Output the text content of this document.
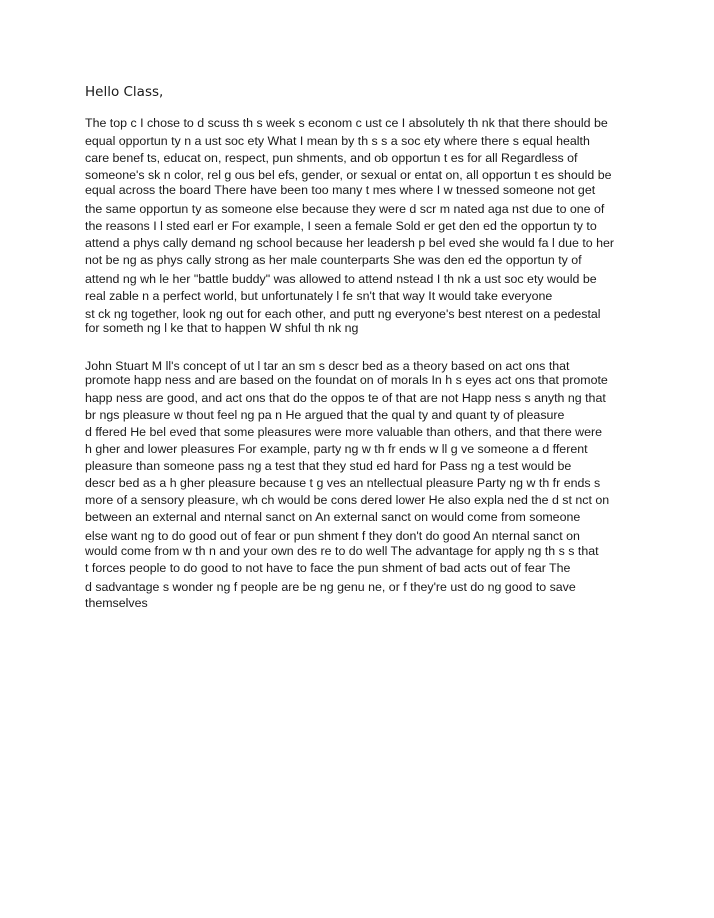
Hello Class,
The top c I chose to d scuss th s week s econom c ust ce I absolutely th nk that there should be
equal opportun ty n a ust soc ety What I mean by th s s a soc ety where there s equal health
care benef ts, educat on, respect, pun shments, and ob opportun t es for all Regardless of
someone's sk n color, rel g ous bel efs, gender, or sexual or entat on, all opportun t es should be
equal across the board There have been too many t mes where I w tnessed someone not get
the same opportun ty as someone else because they were d scr m nated aga nst due to one of
the reasons I l sted earl er For example, I seen a female Sold er get den ed the opportun ty to
attend a phys cally demand ng school because her leadersh p bel eved she would fa l due to her
not be ng as phys cally strong as her male counterparts She was den ed the opportun ty of
attend ng wh le her "battle buddy" was allowed to attend nstead I th nk a ust soc ety would be
real zable n a perfect world, but unfortunately l fe sn't that way It would take everyone
st ck ng together, look ng out for each other, and putt ng everyone's best nterest on a pedestal
for someth ng l ke that to happen W shful th nk ng
John Stuart M ll's concept of ut l tar an sm s descr bed as a theory based on act ons that
promote happ ness and are based on the foundat on of morals In h s eyes act ons that promote
happ ness are good, and act ons that do the oppos te of that are not Happ ness s anyth ng that
br ngs pleasure w thout feel ng pa n He argued that the qual ty and quant ty of pleasure
d ffered He bel eved that some pleasures were more valuable than others, and that there were
h gher and lower pleasures For example, party ng w th fr ends w ll g ve someone a d fferent
pleasure than someone pass ng a test that they stud ed hard for Pass ng a test would be
descr bed as a h gher pleasure because t g ves an ntellectual pleasure Party ng w th fr ends s
more of a sensory pleasure, wh ch would be cons dered lower He also expla ned the d st nct on
between an external and nternal sanct on An external sanct on would come from someone
else want ng to do good out of fear or pun shment f they don't do good An nternal sanct on
would come from w th n and your own des re to do well The advantage for apply ng th s s that
t forces people to do good to not have to face the pun shment of bad acts out of fear The
d sadvantage s wonder ng f people are be ng genu ne, or f they're ust do ng good to save
themselves
